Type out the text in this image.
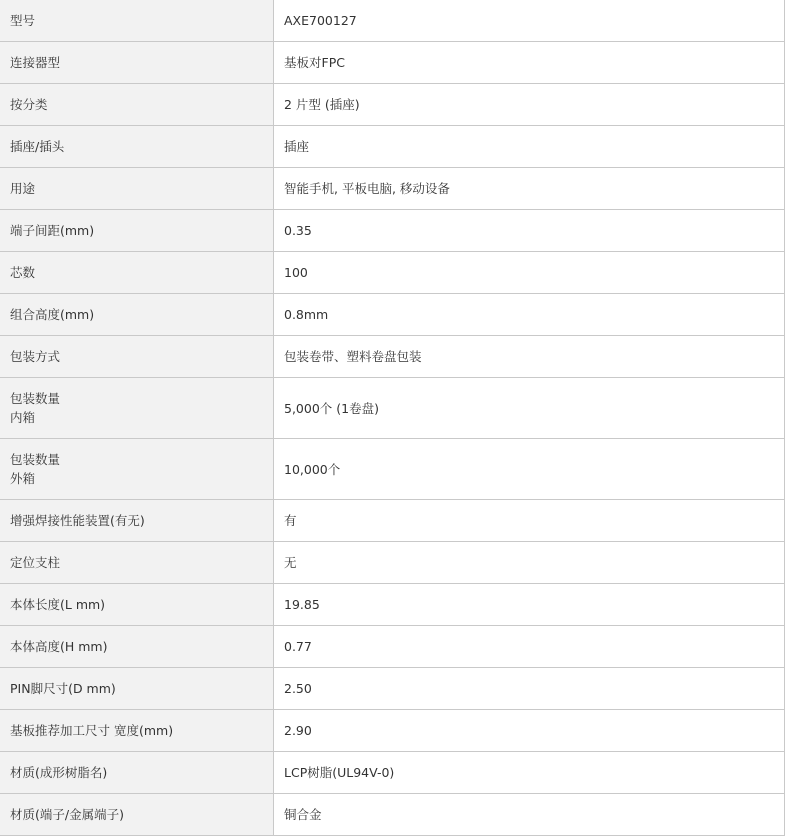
型号	AXE700127

连接器型	基板对FPC

按分类	2 片型 (插座)

插座/插头	插座

用途	智能手机, 平板电脑, 移动设备

端子间距(mm)	0.35

芯数	100

组合高度(mm)	0.8mm

包装方式	包装卷带、塑料卷盘包装

包装数量
内箱	5,000个 (1卷盘)

包装数量
外箱	10,000个

增强焊接性能装置(有无)	有

定位支柱	无

本体长度(L mm)	19.85

本体高度(H mm)	0.77

PIN脚尺寸(D mm)	2.50

基板推荐加工尺寸 宽度(mm)	2.90

材质(成形树脂名)	LCP树脂(UL94V-0)

材质(端子/金属端子)	铜合金
